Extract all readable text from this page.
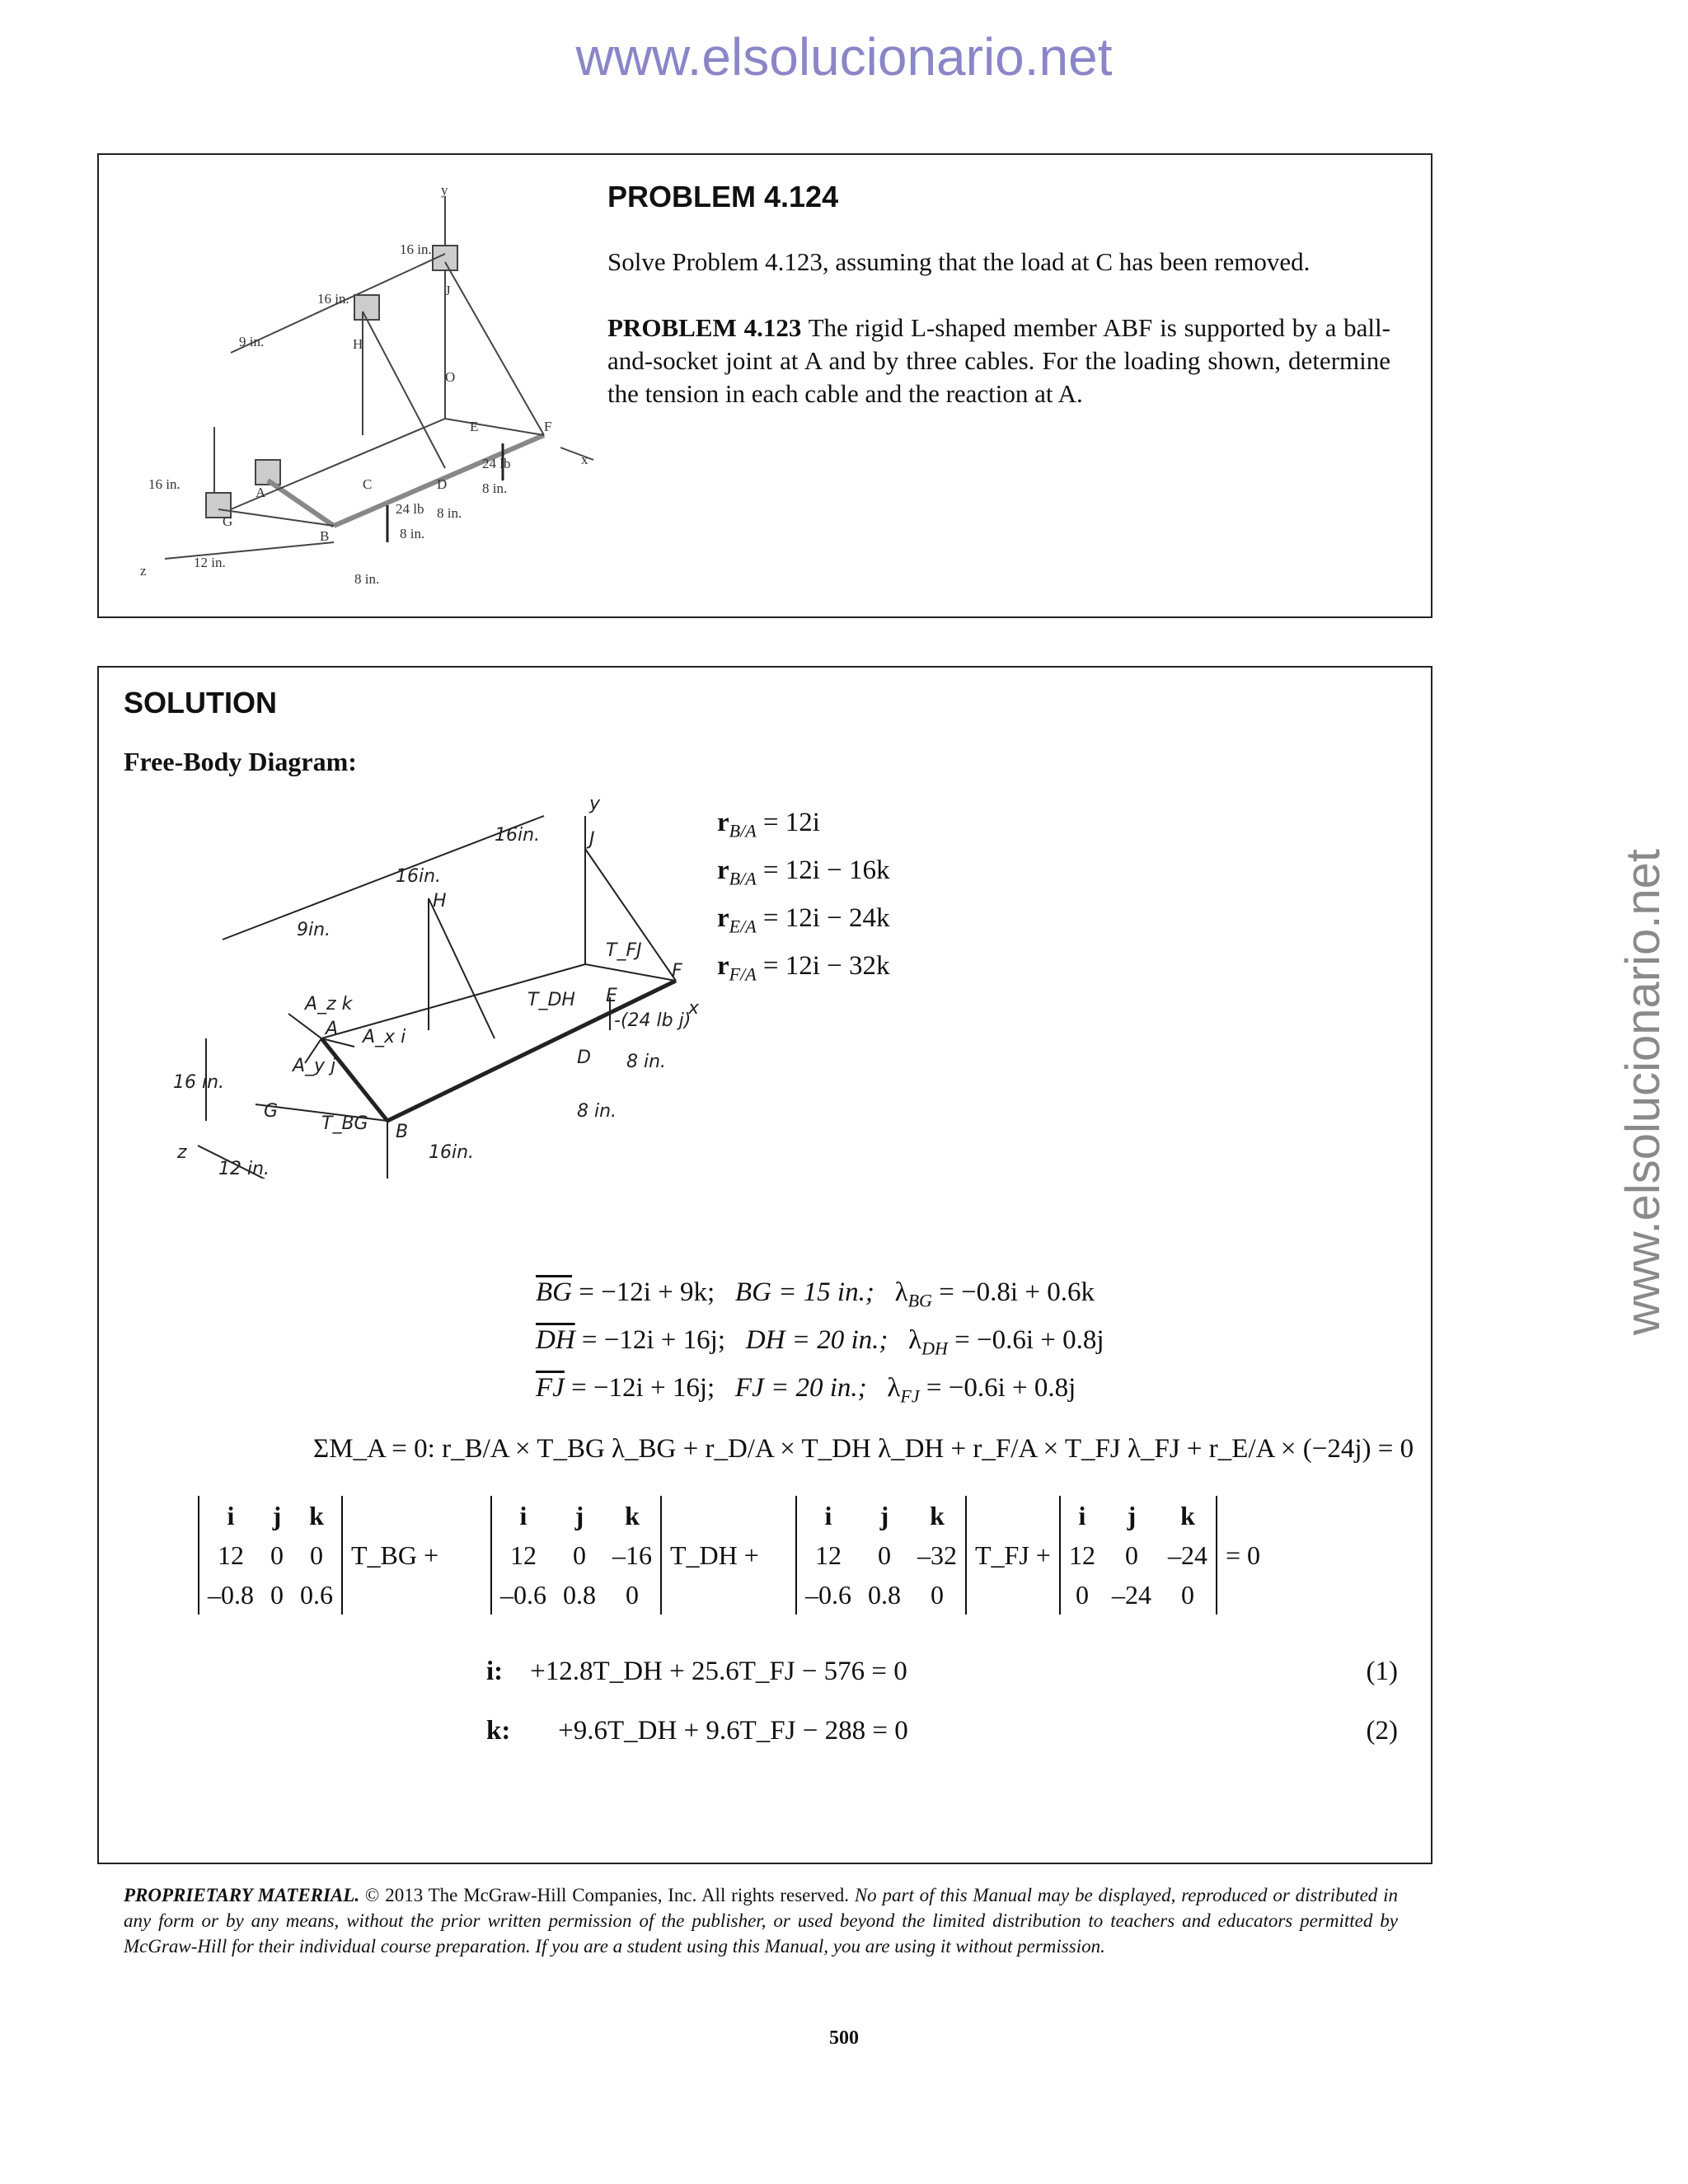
www.elsolucionario.net
www.elsolucionario.net
y
16 in.
16 in.
9 in.
J
H
O
E	F
x
24 lb
16 in.
A
C	D	8 in.
G
24 lb 8 in.
B	8 in.
z
12 in.
8 in.
PROBLEM 4.124
Solve Problem 4.123, assuming that the load at C has been removed.
PROBLEM 4.123 The rigid L-shaped member ABF is supported by a ball-and-socket joint at A and by three cables. For the loading shown, determine the tension in each cable and the reaction at A.
SOLUTION
Free-Body Diagram:
y
16in.	J
16in.
H
9in.
T_FJ
F
T_DH E
x
A_z k
A A_x i
-(24 lb j)
A_y j	D 8 in.
16 in.
G
T_BG B
8 in.
z
12 in.
16in.
$r_{B/A} = 12i$
$r_{B/A} = 12i - 16k$
$r_{E/A} = 12i - 24k$
$r_{F/A} = 12i - 32k$
$\overline{BG} = -12i + 9k$; BG = 15 in.; $\lambda_{BG} = -0.8i + 0.6k$
$\overline{DH} = -12i + 16j$; DH = 20 in.; $\lambda_{DH} = -0.6i + 0.8j$
$\overline{FJ} = -12i + 16j$; FJ = 20 in.; $\lambda_{FJ} = -0.6i + 0.8j$
ΣM_A = 0: r_B/A × T_BG λ_BG + r_D/A × T_DH λ_DH + r_F/A × T_FJ λ_FJ + r_E/A × (−24j) = 0
i	j	k	T_BG +
12	0	0	
–0.8	0	0.6	
i	j	k	T_DH +
12	0	–16	
–0.6	0.8	0	
i	j	k	T_FJ +
12	0	–32	
–0.6	0.8	0	
i	j	k	= 0
12	0	–24	
0	–24	0	
i: +12.8T_DH + 25.6T_FJ − 576 = 0	(1)
k: +9.6T_DH + 9.6T_FJ − 288 = 0	(2)
PROPRIETARY MATERIAL. © 2013 The McGraw-Hill Companies, Inc. All rights reserved. No part of this Manual may be displayed, reproduced or distributed in any form or by any means, without the prior written permission of the publisher, or used beyond the limited distribution to teachers and educators permitted by McGraw-Hill for their individual course preparation. If you are a student using this Manual, you are using it without permission.
500
